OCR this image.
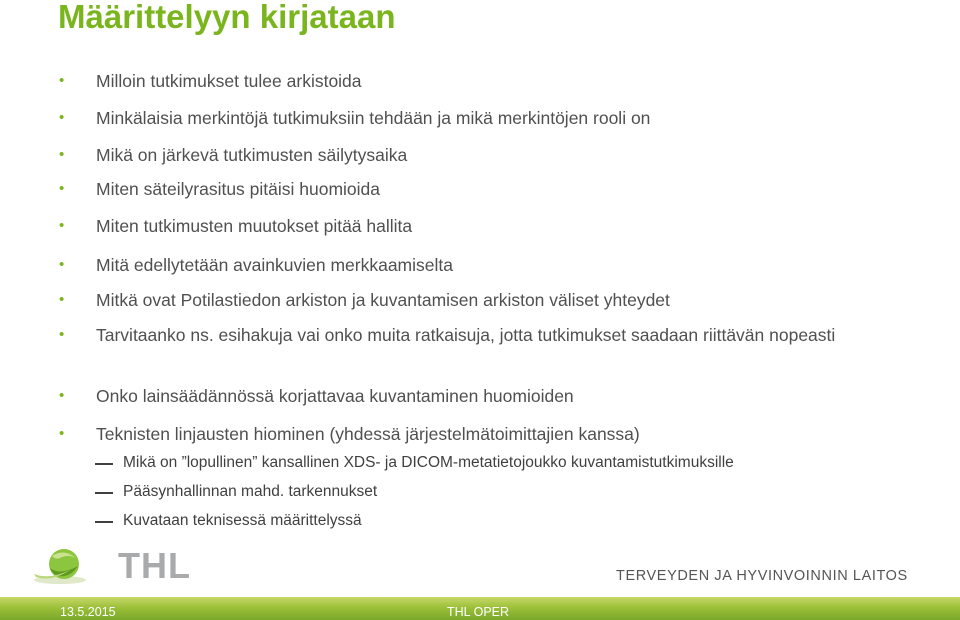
Määrittelyyn kirjataan
• Milloin tutkimukset tulee arkistoida
• Minkälaisia merkintöjä tutkimuksiin tehdään ja mikä merkintöjen rooli on
• Mikä on järkevä tutkimusten säilytysaika
• Miten säteilyrasitus pitäisi huomioida
• Miten tutkimusten muutokset pitää hallita
• Mitä edellytetään avainkuvien merkkaamiselta
• Mitkä ovat Potilastiedon arkiston ja kuvantamisen arkiston väliset yhteydet
• Tarvitaanko ns. esihakuja vai onko muita ratkaisuja, jotta tutkimukset saadaan riittävän nopeasti
• Onko lainsäädännössä korjattavaa kuvantaminen huomioiden
• Teknisten linjausten hiominen (yhdessä järjestelmätoimittajien kanssa)
Mikä on ”lopullinen” kansallinen XDS- ja DICOM-metatietojoukko kuvantamistutkimuksille
Pääsynhallinnan mahd. tarkennukset
Kuvataan teknisessä määrittelyssä
THL	TERVEYDEN JA HYVINVOINNIN LAITOS
13.5.2015	THL OPER
